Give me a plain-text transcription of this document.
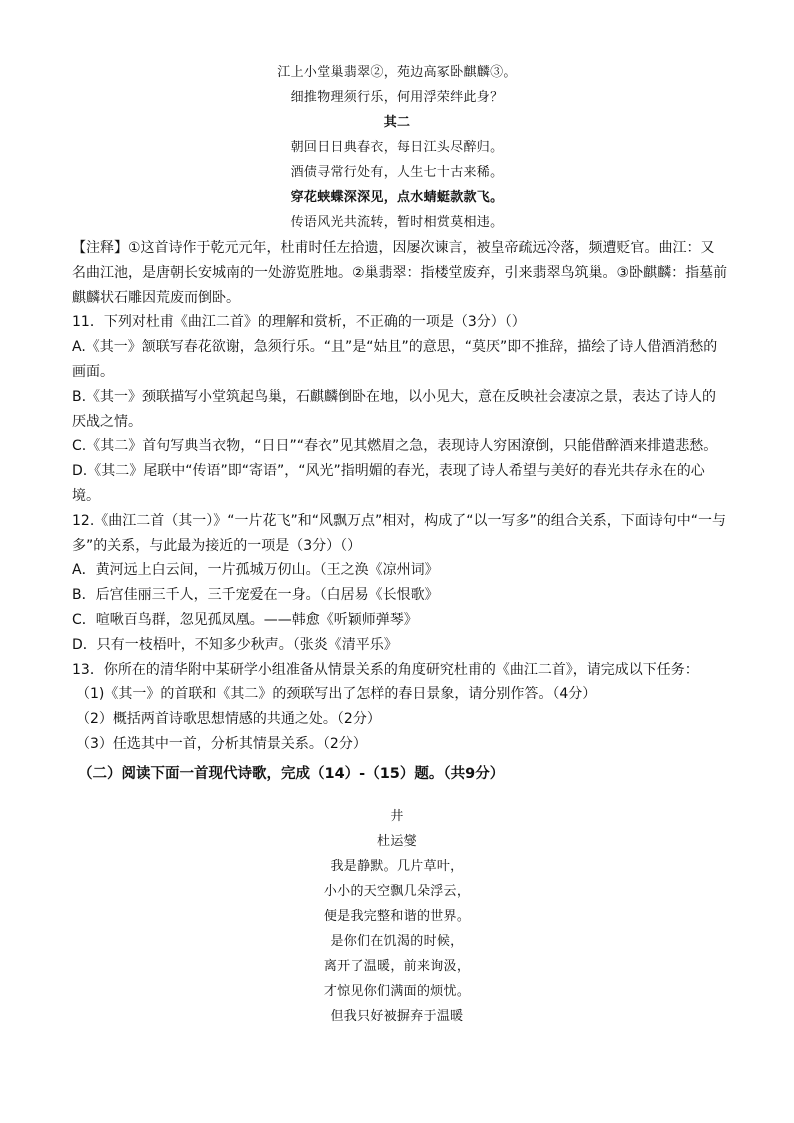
江上小堂巢翡翠②，苑边高冢卧麒麟③。
细推物理须行乐，何用浮荣绊此身？
其二
朝回日日典春衣，每日江头尽醉归。
酒债寻常行处有，人生七十古来稀。
穿花蛱蝶深深见，点水蜻蜓款款飞。
传语风光共流转，暂时相赏莫相违。

【注释】①这首诗作于乾元元年，杜甫时任左拾遗，因屡次谏言，被皇帝疏远冷落，频遭贬官。曲江：又名曲江池，是唐朝长安城南的一处游览胜地。②巢翡翠：指楼堂废弃，引来翡翠鸟筑巢。③卧麒麟：指墓前麒麟状石雕因荒废而倒卧。

11．下列对杜甫《曲江二首》的理解和赏析，不正确的一项是（3分）（）

A.《其一》颔联写春花欲谢，急须行乐。“且”是“姑且”的意思，“莫厌”即不推辞，描绘了诗人借酒消愁的画面。

B.《其一》颈联描写小堂筑起鸟巢，石麒麟倒卧在地，以小见大，意在反映社会凄凉之景，表达了诗人的厌战之情。

C.《其二》首句写典当衣物，“日日”“春衣”见其燃眉之急，表现诗人穷困潦倒，只能借醉酒来排遣悲愁。

D.《其二》尾联中“传语”即“寄语”，“风光”指明媚的春光，表现了诗人希望与美好的春光共存永在的心境。

12.《曲江二首（其一）》“一片花飞”和“风飘万点”相对，构成了“以一写多”的组合关系，下面诗句中“一与多”的关系，与此最为接近的一项是（3分）（）

A．黄河远上白云间，一片孤城万仞山。（王之涣《凉州词》

B．后宫佳丽三千人，三千宠爱在一身。（白居易《长恨歌》

C．喧啾百鸟群，忽见孤凤凰。——韩愈《听颖师弹琴》

D．只有一枝梧叶，不知多少秋声。（张炎《清平乐》

13．你所在的清华附中某研学小组准备从情景关系的角度研究杜甫的《曲江二首》，请完成以下任务：

（1)《其一》的首联和《其二》的颈联写出了怎样的春日景象，请分别作答。（4分）

（2）概括两首诗歌思想情感的共通之处。（2分）

（3）任选其中一首，分析其情景关系。（2分）

（二）阅读下面一首现代诗歌，完成（14）-（15）题。（共9分）
井
杜运燮
我是静默。几片草叶，
小小的天空飘几朵浮云，
便是我完整和谐的世界。
是你们在饥渴的时候，
离开了温暖，前来询汲，
才惊见你们满面的烦忧。
但我只好被摒弃于温暖
